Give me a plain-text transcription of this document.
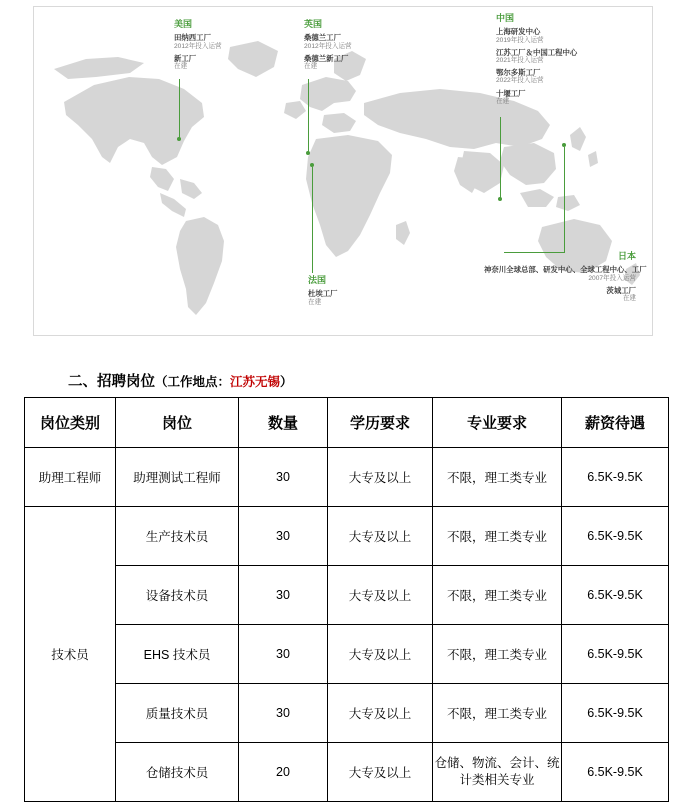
美国
田纳西工厂
2012年投入运营
新工厂
在建
英国
桑德兰工厂
2012年投入运营
桑德兰新工厂
在建
中国
上海研发中心
2019年投入运营
江苏工厂＆中国工程中心
2021年投入运营
鄂尔多斯工厂
2022年投入运营
十堰工厂
在建
法国
杜埃工厂
在建
日本
神奈川全球总部、研发中心、全球工程中心、工厂
2007年投入运营
茨城工厂
在建
二、招聘岗位（工作地点：江苏无锡）
岗位类别	岗位	数量	学历要求	专业要求	薪资待遇
助理工程师	助理测试工程师	30	大专及以上	不限，理工类专业	6.5K-9.5K
技术员	生产技术员	30	大专及以上	不限，理工类专业	6.5K-9.5K
	设备技术员	30	大专及以上	不限，理工类专业	6.5K-9.5K
	EHS 技术员	30	大专及以上	不限，理工类专业	6.5K-9.5K
	质量技术员	30	大专及以上	不限，理工类专业	6.5K-9.5K
	仓储技术员	20	大专及以上	仓储、物流、会计、统计类相关专业	6.5K-9.5K
